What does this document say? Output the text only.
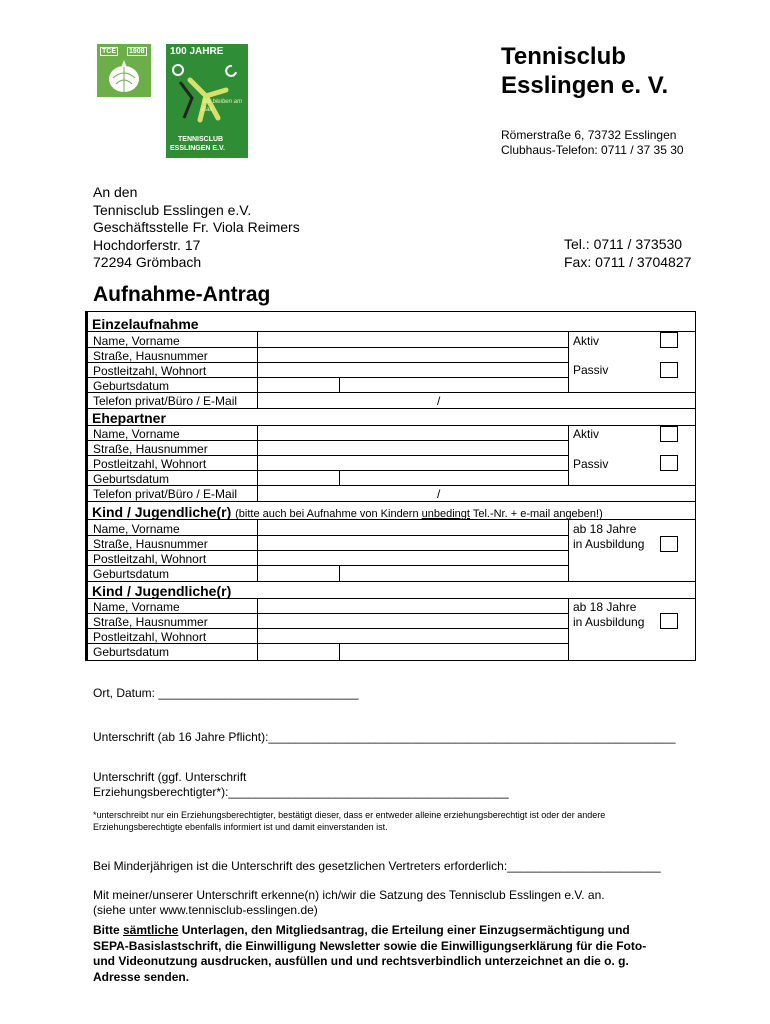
TCE 1908	100 JAHRE
Wir bleiben am Ball
TENNISCLUB
ESSLINGEN E.V.
Tennisclub
Esslingen e. V.
Römerstraße 6, 73732 Esslingen
Clubhaus-Telefon: 0711 / 37 35 30
An den
Tennisclub Esslingen e.V.
Geschäftsstelle Fr. Viola Reimers
Hochdorferstr. 17
72294 Grömbach
Tel.: 0711 / 373530
Fax: 0711 / 3704827
Aufnahme-Antrag
Einzelaufnahme
Name, Vorname
Straße, Hausnummer
Postleitzahl, Wohnort
Geburtsdatum
Telefon privat/Büro / E-Mail	/
Aktiv
Passiv
Ehepartner
Name, Vorname
Straße, Hausnummer
Postleitzahl, Wohnort
Geburtsdatum
Telefon privat/Büro / E-Mail	/
Aktiv
Passiv
Kind / Jugendliche(r) (bitte auch bei Aufnahme von Kindern unbedingt Tel.-Nr. + e-mail angeben!)
Name, Vorname
Straße, Hausnummer
Postleitzahl, Wohnort
Geburtsdatum
ab 18 Jahre
in Ausbildung
Kind / Jugendliche(r)
Name, Vorname
Straße, Hausnummer
Postleitzahl, Wohnort
Geburtsdatum
ab 18 Jahre
in Ausbildung
Ort, Datum: ______________________________
Unterschrift (ab 16 Jahre Pflicht):_____________________________________________________________
Unterschrift (ggf. Unterschrift
Erziehungsberechtigter*):__________________________________________
*unterschreibt nur ein Erziehungsberechtigter, bestätigt dieser, dass er entweder alleine erziehungsberechtigt ist oder der andere
Erziehungsberechtigte ebenfalls informiert ist und damit einverstanden ist.
Bei Minderjährigen ist die Unterschrift des gesetzlichen Vertreters erforderlich:_______________________
Mit meiner/unserer Unterschrift erkenne(n) ich/wir die Satzung des Tennisclub Esslingen e.V. an.
(siehe unter www.tennisclub-esslingen.de)
Bitte sämtliche Unterlagen, den Mitgliedsantrag, die Erteilung einer Einzugsermächtigung und
SEPA-Basislastschrift, die Einwilligung Newsletter sowie die Einwilligungserklärung für die Foto-
und Videonutzung ausdrucken, ausfüllen und und rechtsverbindlich unterzeichnet an die o. g.
Adresse senden.
